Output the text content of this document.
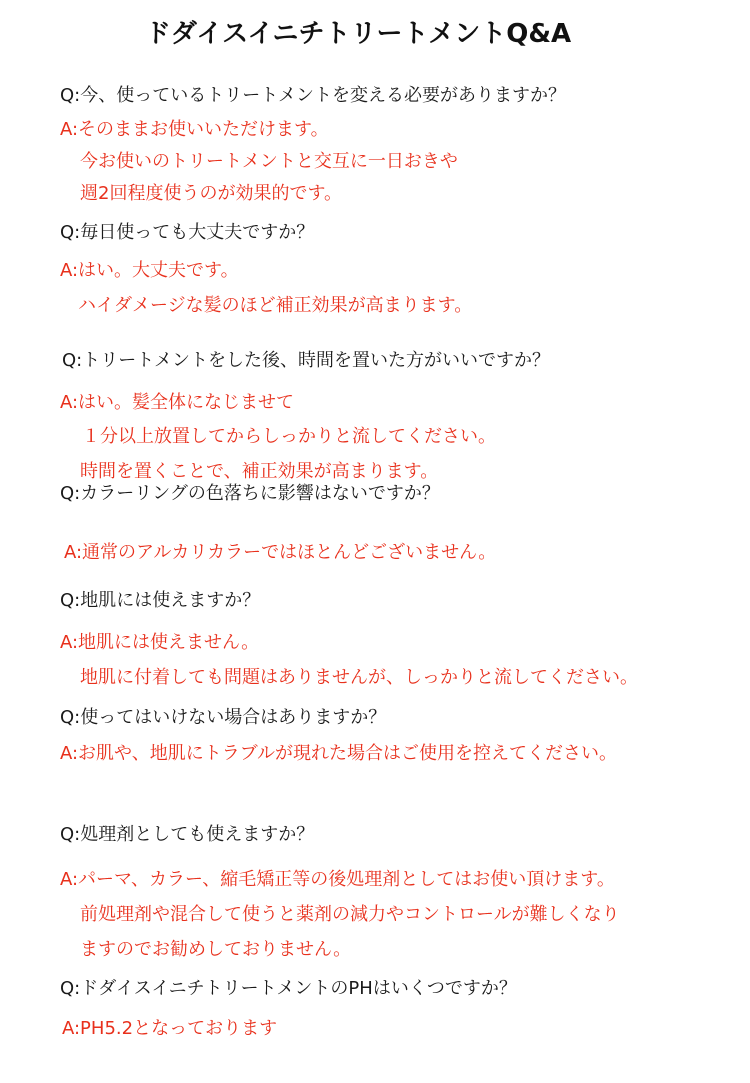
ドダイスイニチトリートメントQ&A
Q:今、使っているトリートメントを変える必要がありますか？
A:そのままお使いいただけます。
今お使いのトリートメントと交互に一日おきや
週2回程度使うのが効果的です。
Q:毎日使っても大丈夫ですか？
A:はい。大丈夫です。
ハイダメージな髪のほど補正効果が高まります。
Q:トリートメントをした後、時間を置いた方がいいですか？
A:はい。髪全体になじませて
１分以上放置してからしっかりと流してください。
時間を置くことで、補正効果が高まります。
Q:カラーリングの色落ちに影響はないですか？
A:通常のアルカリカラーではほとんどございません。
Q:地肌には使えますか？
A:地肌には使えません。
地肌に付着しても問題はありませんが、しっかりと流してください。
Q:使ってはいけない場合はありますか？
A:お肌や、地肌にトラブルが現れた場合はご使用を控えてください。
Q:処理剤としても使えますか？
A:パーマ、カラー、縮毛矯正等の後処理剤としてはお使い頂けます。
前処理剤や混合して使うと薬剤の減力やコントロールが難しくなり
ますのでお勧めしておりません。
Q:ドダイスイニチトリートメントのPHはいくつですか？
A:PH5.2となっております
